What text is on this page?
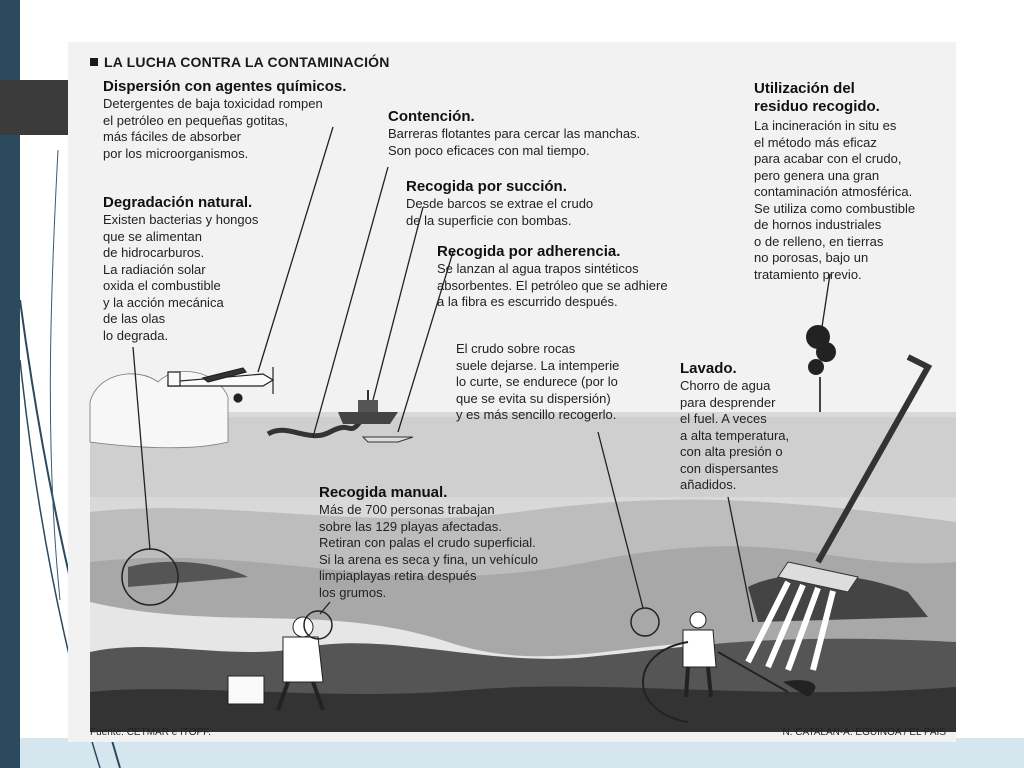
LA LUCHA CONTRA LA CONTAMINACIÓN
Dispersión con agentes químicos.

Detergentes de baja toxicidad rompen
el petróleo en pequeñas gotitas,
más fáciles de absorber
por los microorganismos.

Contención.

Barreras flotantes para cercar las manchas.
Son poco eficaces con mal tiempo.

Recogida por succión.

Desde barcos se extrae el crudo
de la superficie con bombas.

Recogida por adherencia.

Se lanzan al agua trapos sintéticos
absorbentes. El petróleo que se adhiere
a la fibra es escurrido después.

Degradación natural.

Existen bacterias y hongos
que se alimentan
de hidrocarburos.
La radiación solar
oxida el combustible
y la acción mecánica
de las olas
lo degrada.

Utilización del
residuo recogido.

La incineración in situ es
el método más eficaz
para acabar con el crudo,
pero genera una gran
contaminación atmosférica.
Se utiliza como combustible
de hornos industriales
o de relleno, en tierras
no porosas, bajo un
tratamiento previo.

El crudo sobre rocas
suele dejarse. La intemperie
lo curte, se endurece (por lo
que se evita su dispersión)
y es más sencillo recogerlo.

Lavado.

Chorro de agua
para desprender
el fuel. A veces
a alta temperatura,
con alta presión o
con dispersantes
añadidos.

Recogida manual.

Más de 700 personas trabajan
sobre las 129 playas afectadas.
Retiran con palas el crudo superficial.
Si la arena es seca y fina, un vehículo
limpiaplayas retira después
los grumos.

Fuente: CETMAR e ITOPF.	N. CATALÁN-A. EGUINOA / EL PAÍS
